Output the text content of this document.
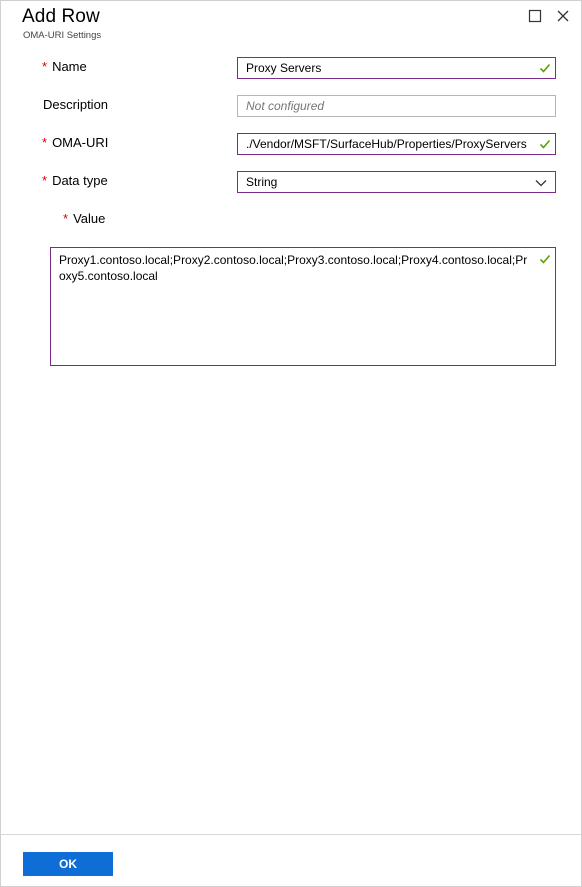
Add Row
OMA-URI Settings
* Name	Proxy Servers
Description	Not configured
* OMA-URI	./Vendor/MSFT/SurfaceHub/Properties/ProxyServers
* Data type	String
* Value
Proxy1.contoso.local;Proxy2.contoso.local;Proxy3.contoso.local;Proxy4.contoso.local;Proxy5.contoso.local
OK
